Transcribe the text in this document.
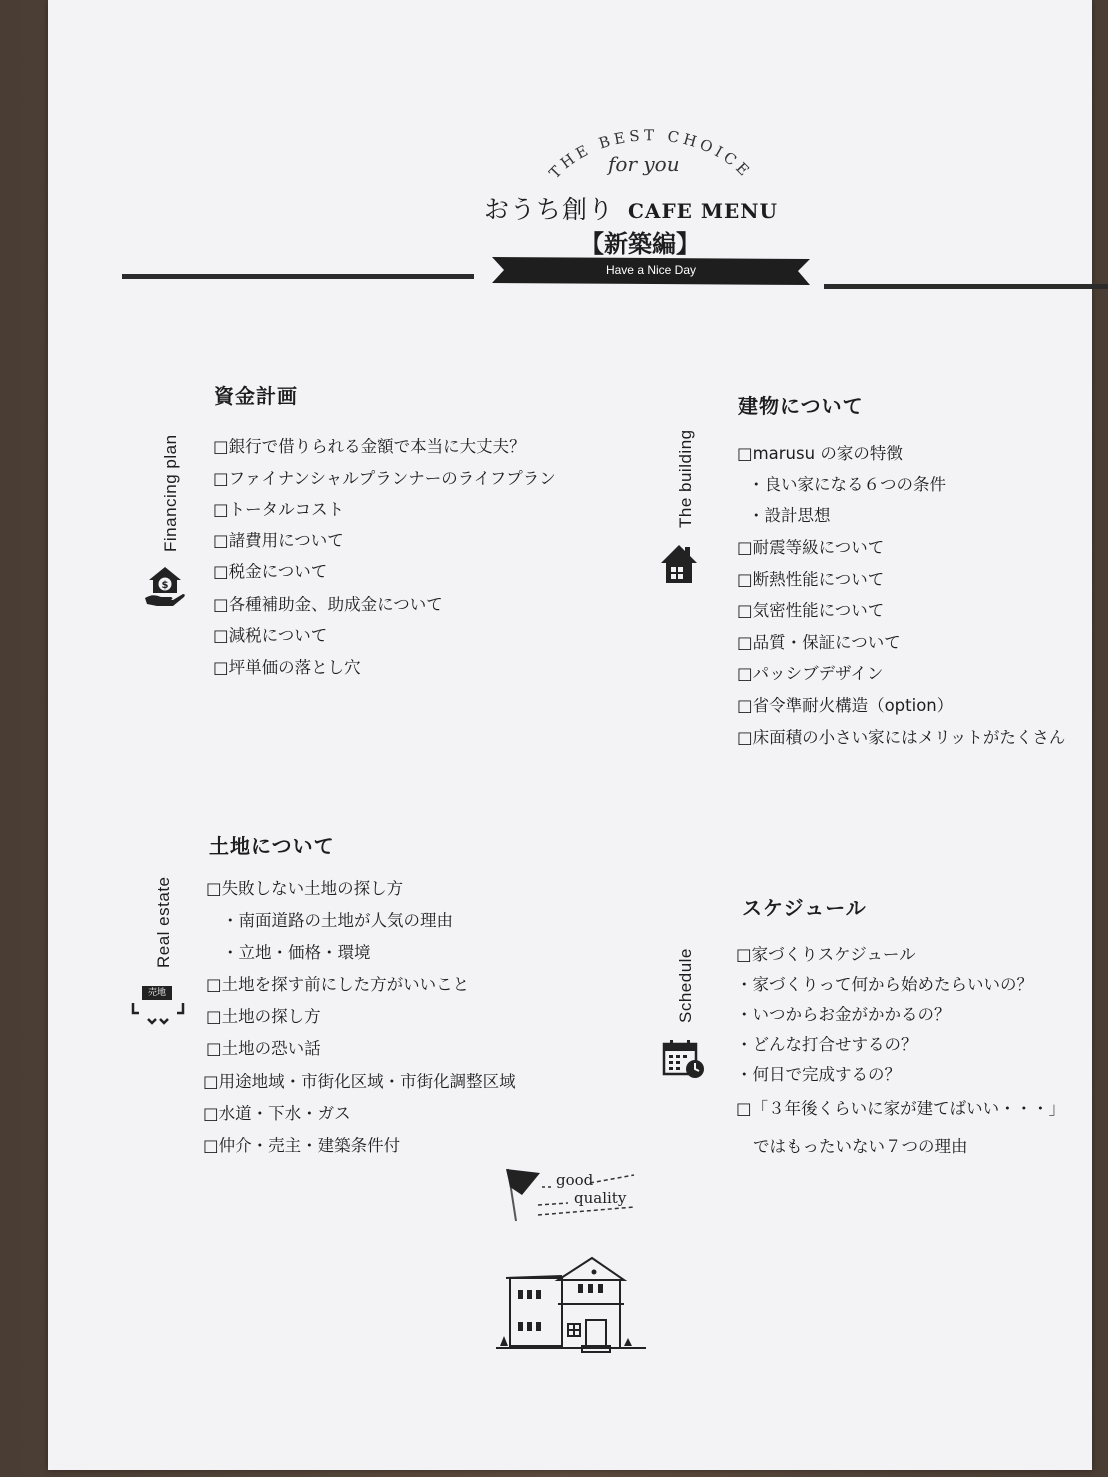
THE BEST CHOICE
for you
おうち創り CAFE MENU
【新築編】
Have a Nice Day
Financing plan
$
資金計画
□銀行で借りられる金額で本当に大丈夫？
□ファイナンシャルプランナーのライフプラン
□トータルコスト
□諸費用について
□税金について
□各種補助金、助成金について
□減税について
□坪単価の落とし穴
The building
建物について
□marusu の家の特徴
・良い家になる６つの条件
・設計思想
□耐震等級について
□断熱性能について
□気密性能について
□品質・保証について
□パッシブデザイン
□省令準耐火構造（option）
□床面積の小さい家にはメリットがたくさん
Real estate
売地
土地について
□失敗しない土地の探し方
・南面道路の土地が人気の理由
・立地・価格・環境
□土地を探す前にした方がいいこと
□土地の探し方
□土地の恐い話
□用途地域・市街化区域・市街化調整区域
□水道・下水・ガス
□仲介・売主・建築条件付
Schedule
スケジュール
□家づくりスケジュール
・家づくりって何から始めたらいいの？
・いつからお金がかかるの？
・どんな打合せするの？
・何日で完成するの？
□「３年後くらいに家が建てばいい・・・」
ではもったいない７つの理由
good
quality
